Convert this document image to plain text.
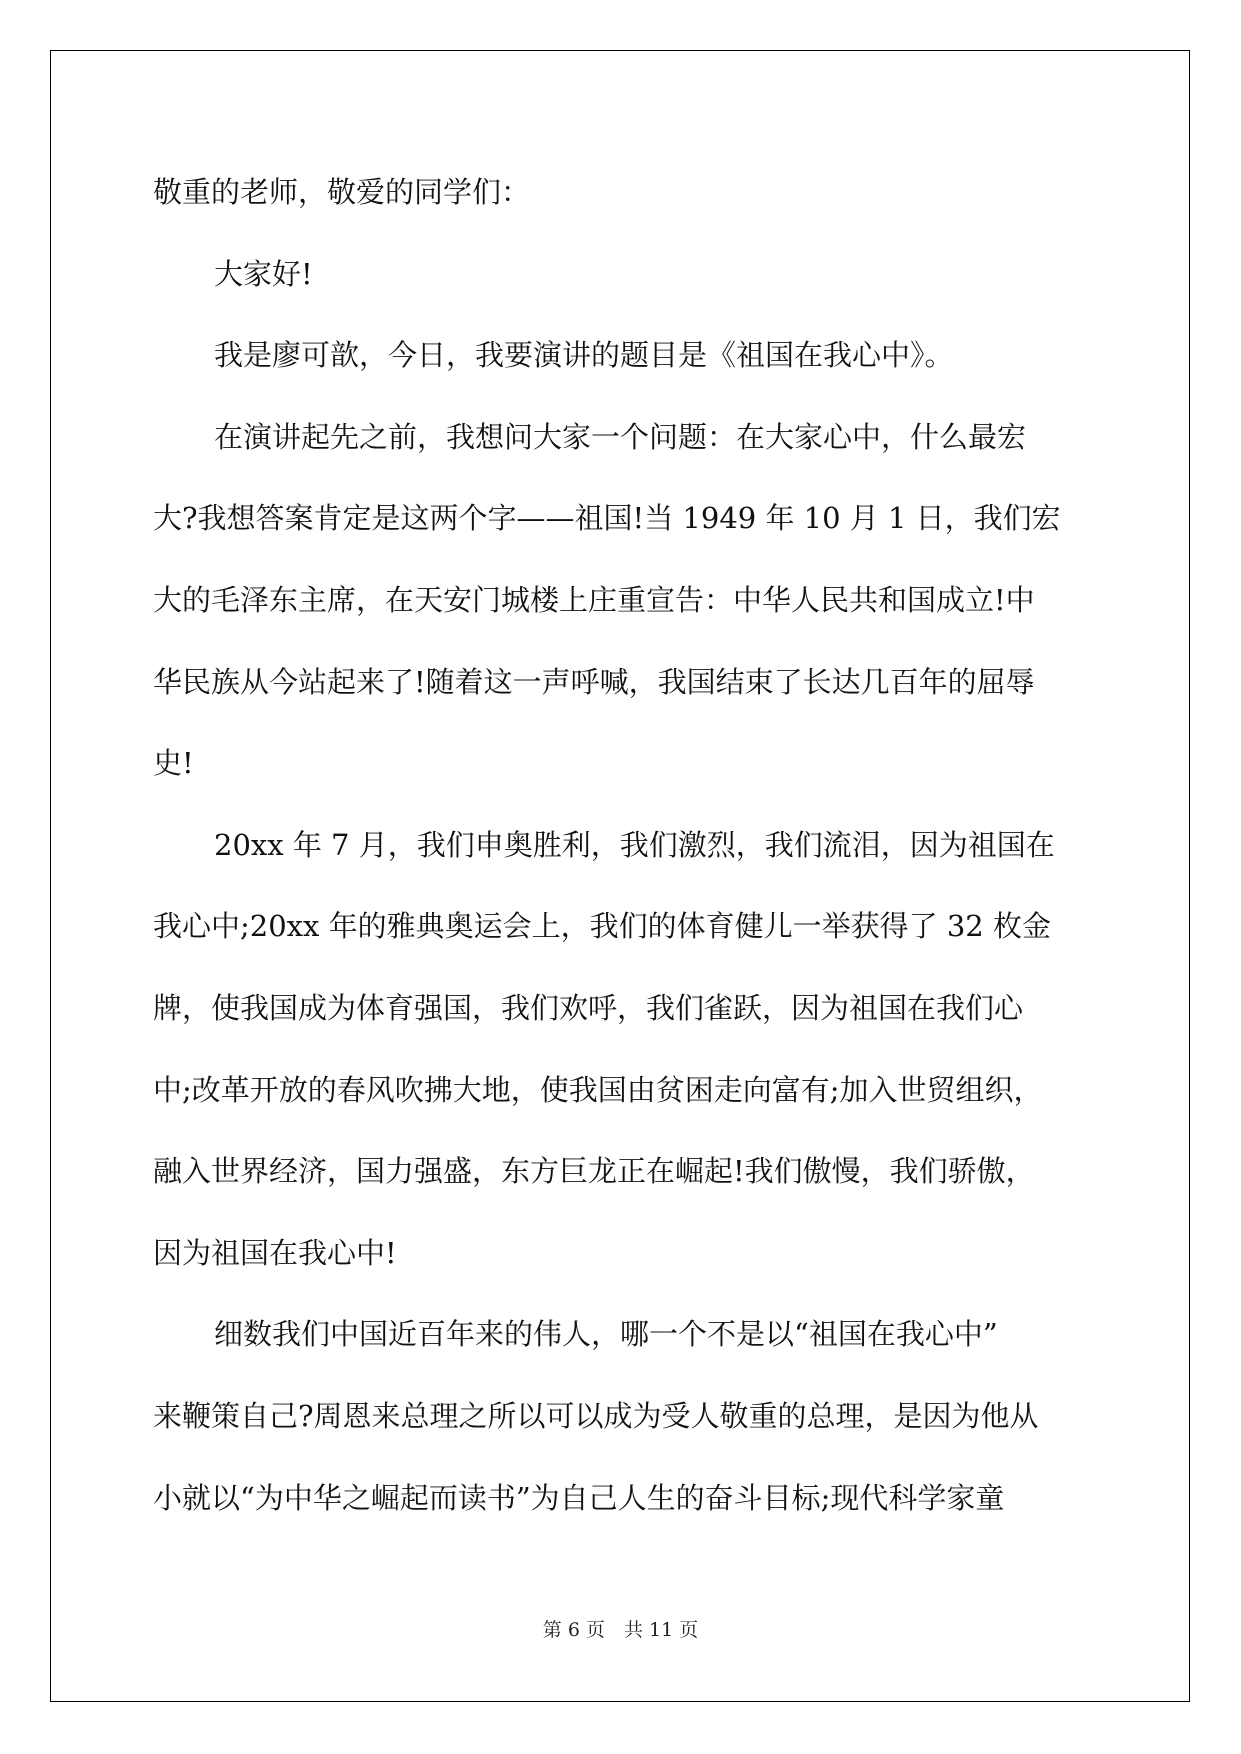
敬重的老师，敬爱的同学们：
大家好!
我是廖可歆，今日，我要演讲的题目是《祖国在我心中》。
在演讲起先之前，我想问大家一个问题：在大家心中，什么最宏
大?我想答案肯定是这两个字——祖国!当 1949 年 10 月 1 日，我们宏
大的毛泽东主席，在天安门城楼上庄重宣告：中华人民共和国成立!中
华民族从今站起来了!随着这一声呼喊，我国结束了长达几百年的屈辱
史!
20xx 年 7 月，我们申奥胜利，我们激烈，我们流泪，因为祖国在
我心中;20xx 年的雅典奥运会上，我们的体育健儿一举获得了 32 枚金
牌，使我国成为体育强国，我们欢呼，我们雀跃，因为祖国在我们心
中;改革开放的春风吹拂大地，使我国由贫困走向富有;加入世贸组织，
融入世界经济，国力强盛，东方巨龙正在崛起!我们傲慢，我们骄傲，
因为祖国在我心中!
细数我们中国近百年来的伟人，哪一个不是以“祖国在我心中”
来鞭策自己?周恩来总理之所以可以成为受人敬重的总理，是因为他从
小就以“为中华之崛起而读书”为自己人生的奋斗目标;现代科学家童
第 6 页　共 11 页
